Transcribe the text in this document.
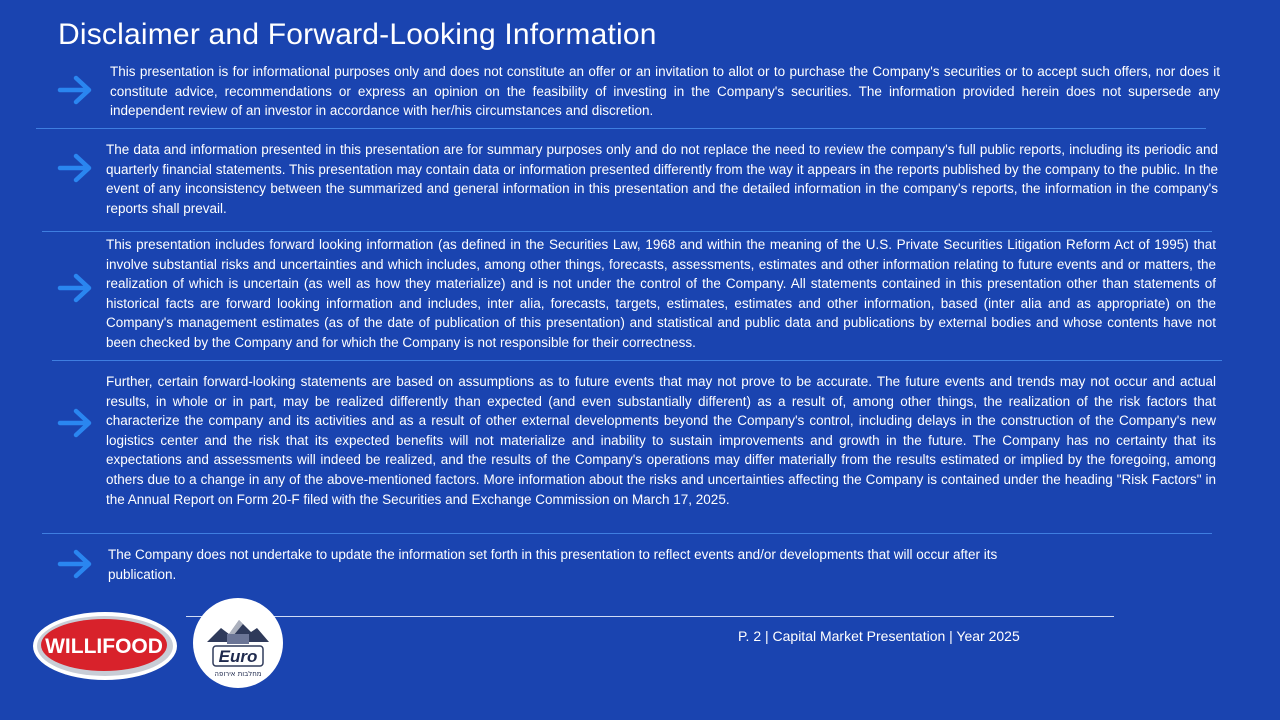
Disclaimer and Forward-Looking Information
This presentation is for informational purposes only and does not constitute an offer or an invitation to allot or to purchase the Company's securities or to accept such offers, nor does it constitute advice, recommendations or express an opinion on the feasibility of investing in the Company's securities. The information provided herein does not supersede any independent review of an investor in accordance with her/his circumstances and discretion.
The data and information presented in this presentation are for summary purposes only and do not replace the need to review the company's full public reports, including its periodic and quarterly financial statements. This presentation may contain data or information presented differently from the way it appears in the reports published by the company to the public. In the event of any inconsistency between the summarized and general information in this presentation and the detailed information in the company's reports, the information in the company's reports shall prevail.
This presentation includes forward looking information (as defined in the Securities Law, 1968 and within the meaning of the U.S. Private Securities Litigation Reform Act of 1995) that involve substantial risks and uncertainties and which includes, among other things, forecasts, assessments, estimates and other information relating to future events and or matters, the realization of which is uncertain (as well as how they materialize) and is not under the control of the Company. All statements contained in this presentation other than statements of historical facts are forward looking information and includes, inter alia, forecasts, targets, estimates, estimates and other information, based (inter alia and as appropriate) on the Company's management estimates (as of the date of publication of this presentation) and statistical and public data and publications by external bodies and whose contents have not been checked by the Company and for which the Company is not responsible for their correctness.
Further, certain forward-looking statements are based on assumptions as to future events that may not prove to be accurate. The future events and trends may not occur and actual results, in whole or in part, may be realized differently than expected (and even substantially different) as a result of, among other things, the realization of the risk factors that characterize the company and its activities and as a result of other external developments beyond the Company's control, including delays in the construction of the Company's new logistics center and the risk that its expected benefits will not materialize and inability to sustain improvements and growth in the future. The Company has no certainty that its expectations and assessments will indeed be realized, and the results of the Company's operations may differ materially from the results estimated or implied by the foregoing, among others due to a change in any of the above-mentioned factors. More information about the risks and uncertainties affecting the Company is contained under the heading "Risk Factors" in the Annual Report on Form 20-F filed with the Securities and Exchange Commission on March 17, 2025.
The Company does not undertake to update the information set forth in this presentation to reflect events and/or developments that will occur after its publication.
P. 2 | Capital Market Presentation | Year 2025
WILLIFOOD	Euro
מחלבות אירופה
